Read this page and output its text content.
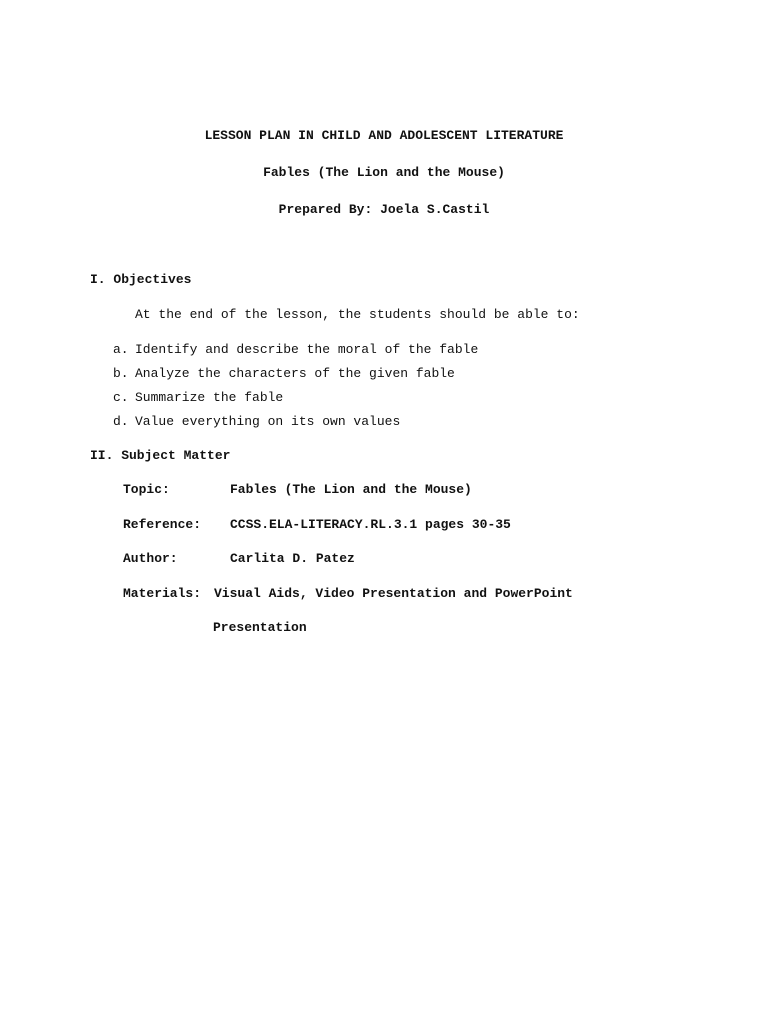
LESSON PLAN IN CHILD AND ADOLESCENT LITERATURE
Fables (The Lion and the Mouse)
Prepared By: Joela S.Castil
I. Objectives
At the end of the lesson, the students should be able to:
a. Identify and describe the moral of the fable
b. Analyze the characters of the given fable
c. Summarize the fable
d. Value everything on its own values
II. Subject Matter
Topic:	Fables (The Lion and the Mouse)
Reference: CCSS.ELA-LITERACY.RL.3.1 pages 30-35
Author:	Carlita D. Patez
Materials: Visual Aids, Video Presentation and PowerPoint
Presentation
